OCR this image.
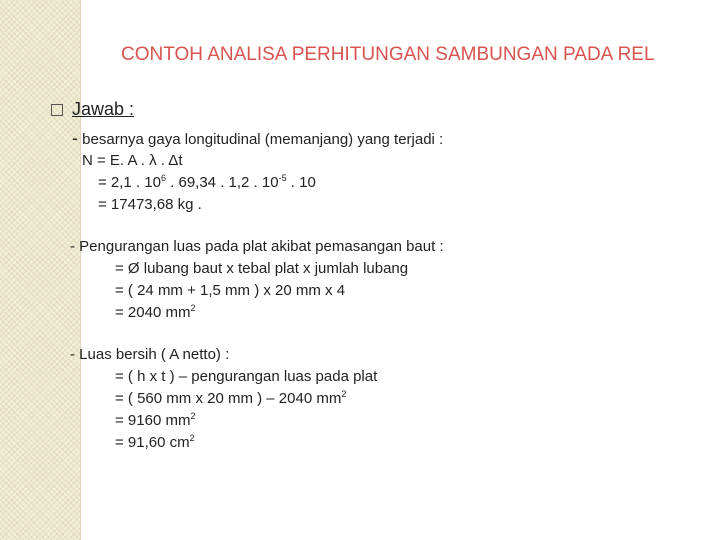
CONTOH ANALISA PERHITUNGAN SAMBUNGAN PADA REL
Jawab :
- besarnya gaya longitudinal (memanjang) yang terjadi :
N = E. A . λ . Δt
= 2,1 . $10^6$ . 69,34 . 1,2 . $10^{-5}$ . 10
= 17473,68 kg .
- Pengurangan luas pada plat akibat pemasangan baut :
= Ø lubang baut x tebal plat x jumlah lubang
= ( 24 mm + 1,5 mm ) x 20 mm x 4
= 2040 $mm^2$
- Luas bersih ( A netto) :
= ( h x t ) – pengurangan luas pada plat
= ( 560 mm x 20 mm ) – 2040 $mm^2$
= 9160 $mm^2$
= 91,60 $cm^2$
